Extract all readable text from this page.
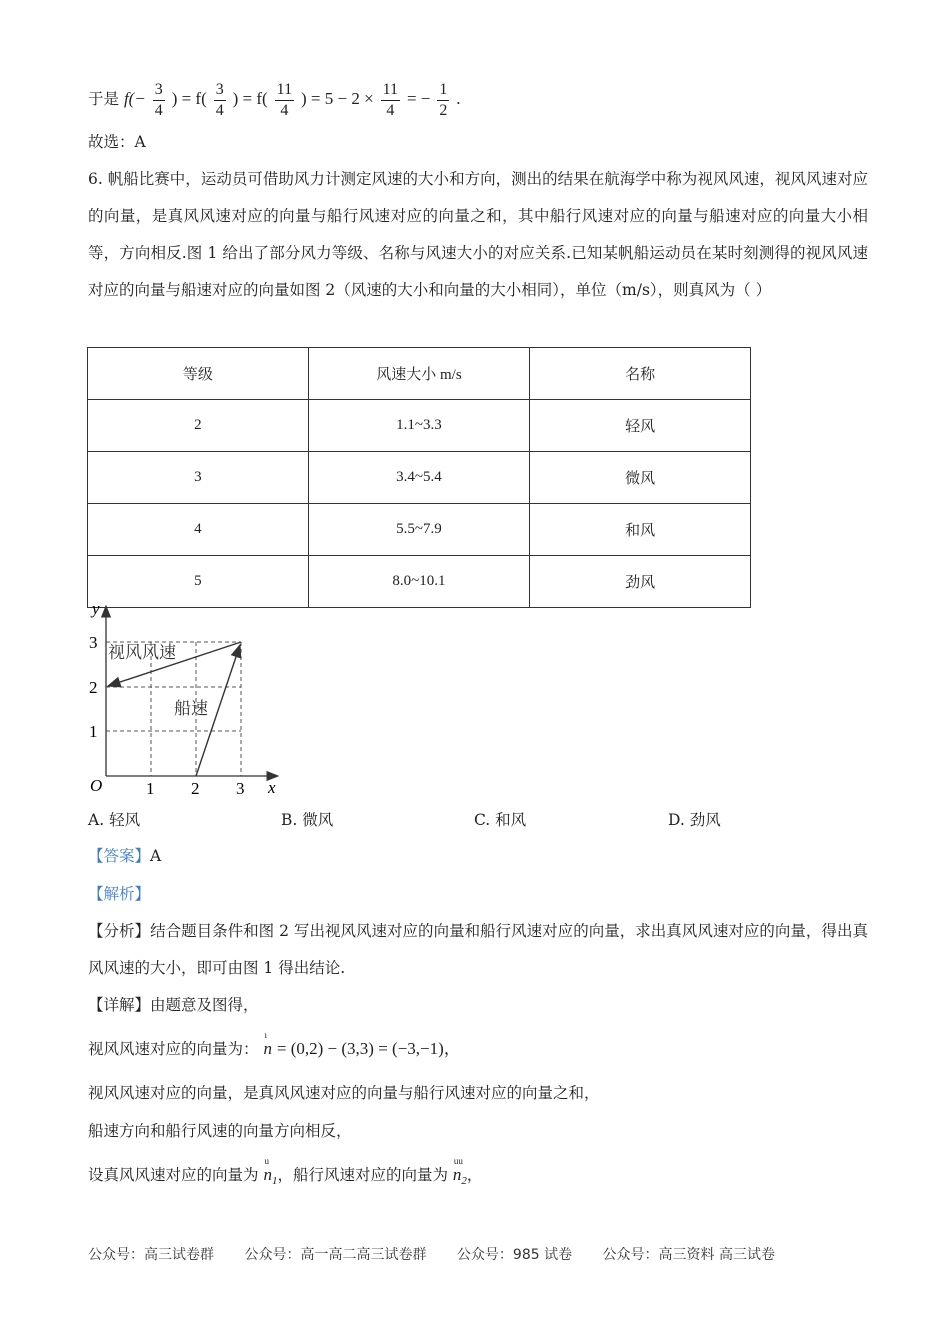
于是 $f(- \frac{3}{4}$ ) = $f( \frac{3}{4}$ ) = $f( \frac{11}{4}$ ) = $5 - 2 \times \frac{11}{4}$ = − $\frac{1}{2}$ .
故选：A
6. 帆船比赛中，运动员可借助风力计测定风速的大小和方向，测出的结果在航海学中称为视风风速，视风风速对应的向量，是真风风速对应的向量与船行风速对应的向量之和，其中船行风速对应的向量与船速对应的向量大小相等，方向相反.图 1 给出了部分风力等级、名称与风速大小的对应关系.已知某帆船运动员在某时刻测得的视风风速对应的向量与船速对应的向量如图 2（风速的大小和向量的大小相同），单位（m/s），则真风为（ ）
等级	风速大小 m/s	名称
2	1.1~3.3	轻风
3	3.4~5.4	微风
4	5.5~7.9	和风
5	8.0~10.1	劲风
y
x
O	1 2 3
1
2
3
视风风速
船速
A. 轻风	B. 微风	C. 和风	D. 劲风
【答案】A
【解析】
【分析】结合题目条件和图 2 写出视风风速对应的向量和船行风速对应的向量，求出真风风速对应的向量，得出真风风速的大小，即可由图 1 得出结论.
【详解】由题意及图得，
视风风速对应的向量为：
ı
n = (0,2) − (3,3) = (−3,−1)，
视风风速对应的向量，是真风风速对应的向量与船行风速对应的向量之和，
船速方向和船行风速的向量方向相反，
设真风风速对应的向量为
u
$n_1$，船行风速对应的向量为
uu
$n_2$，
公众号：高三试卷群 公众号：高一高二高三试卷群 公众号：985 试卷 公众号：高三资料 高三试卷
